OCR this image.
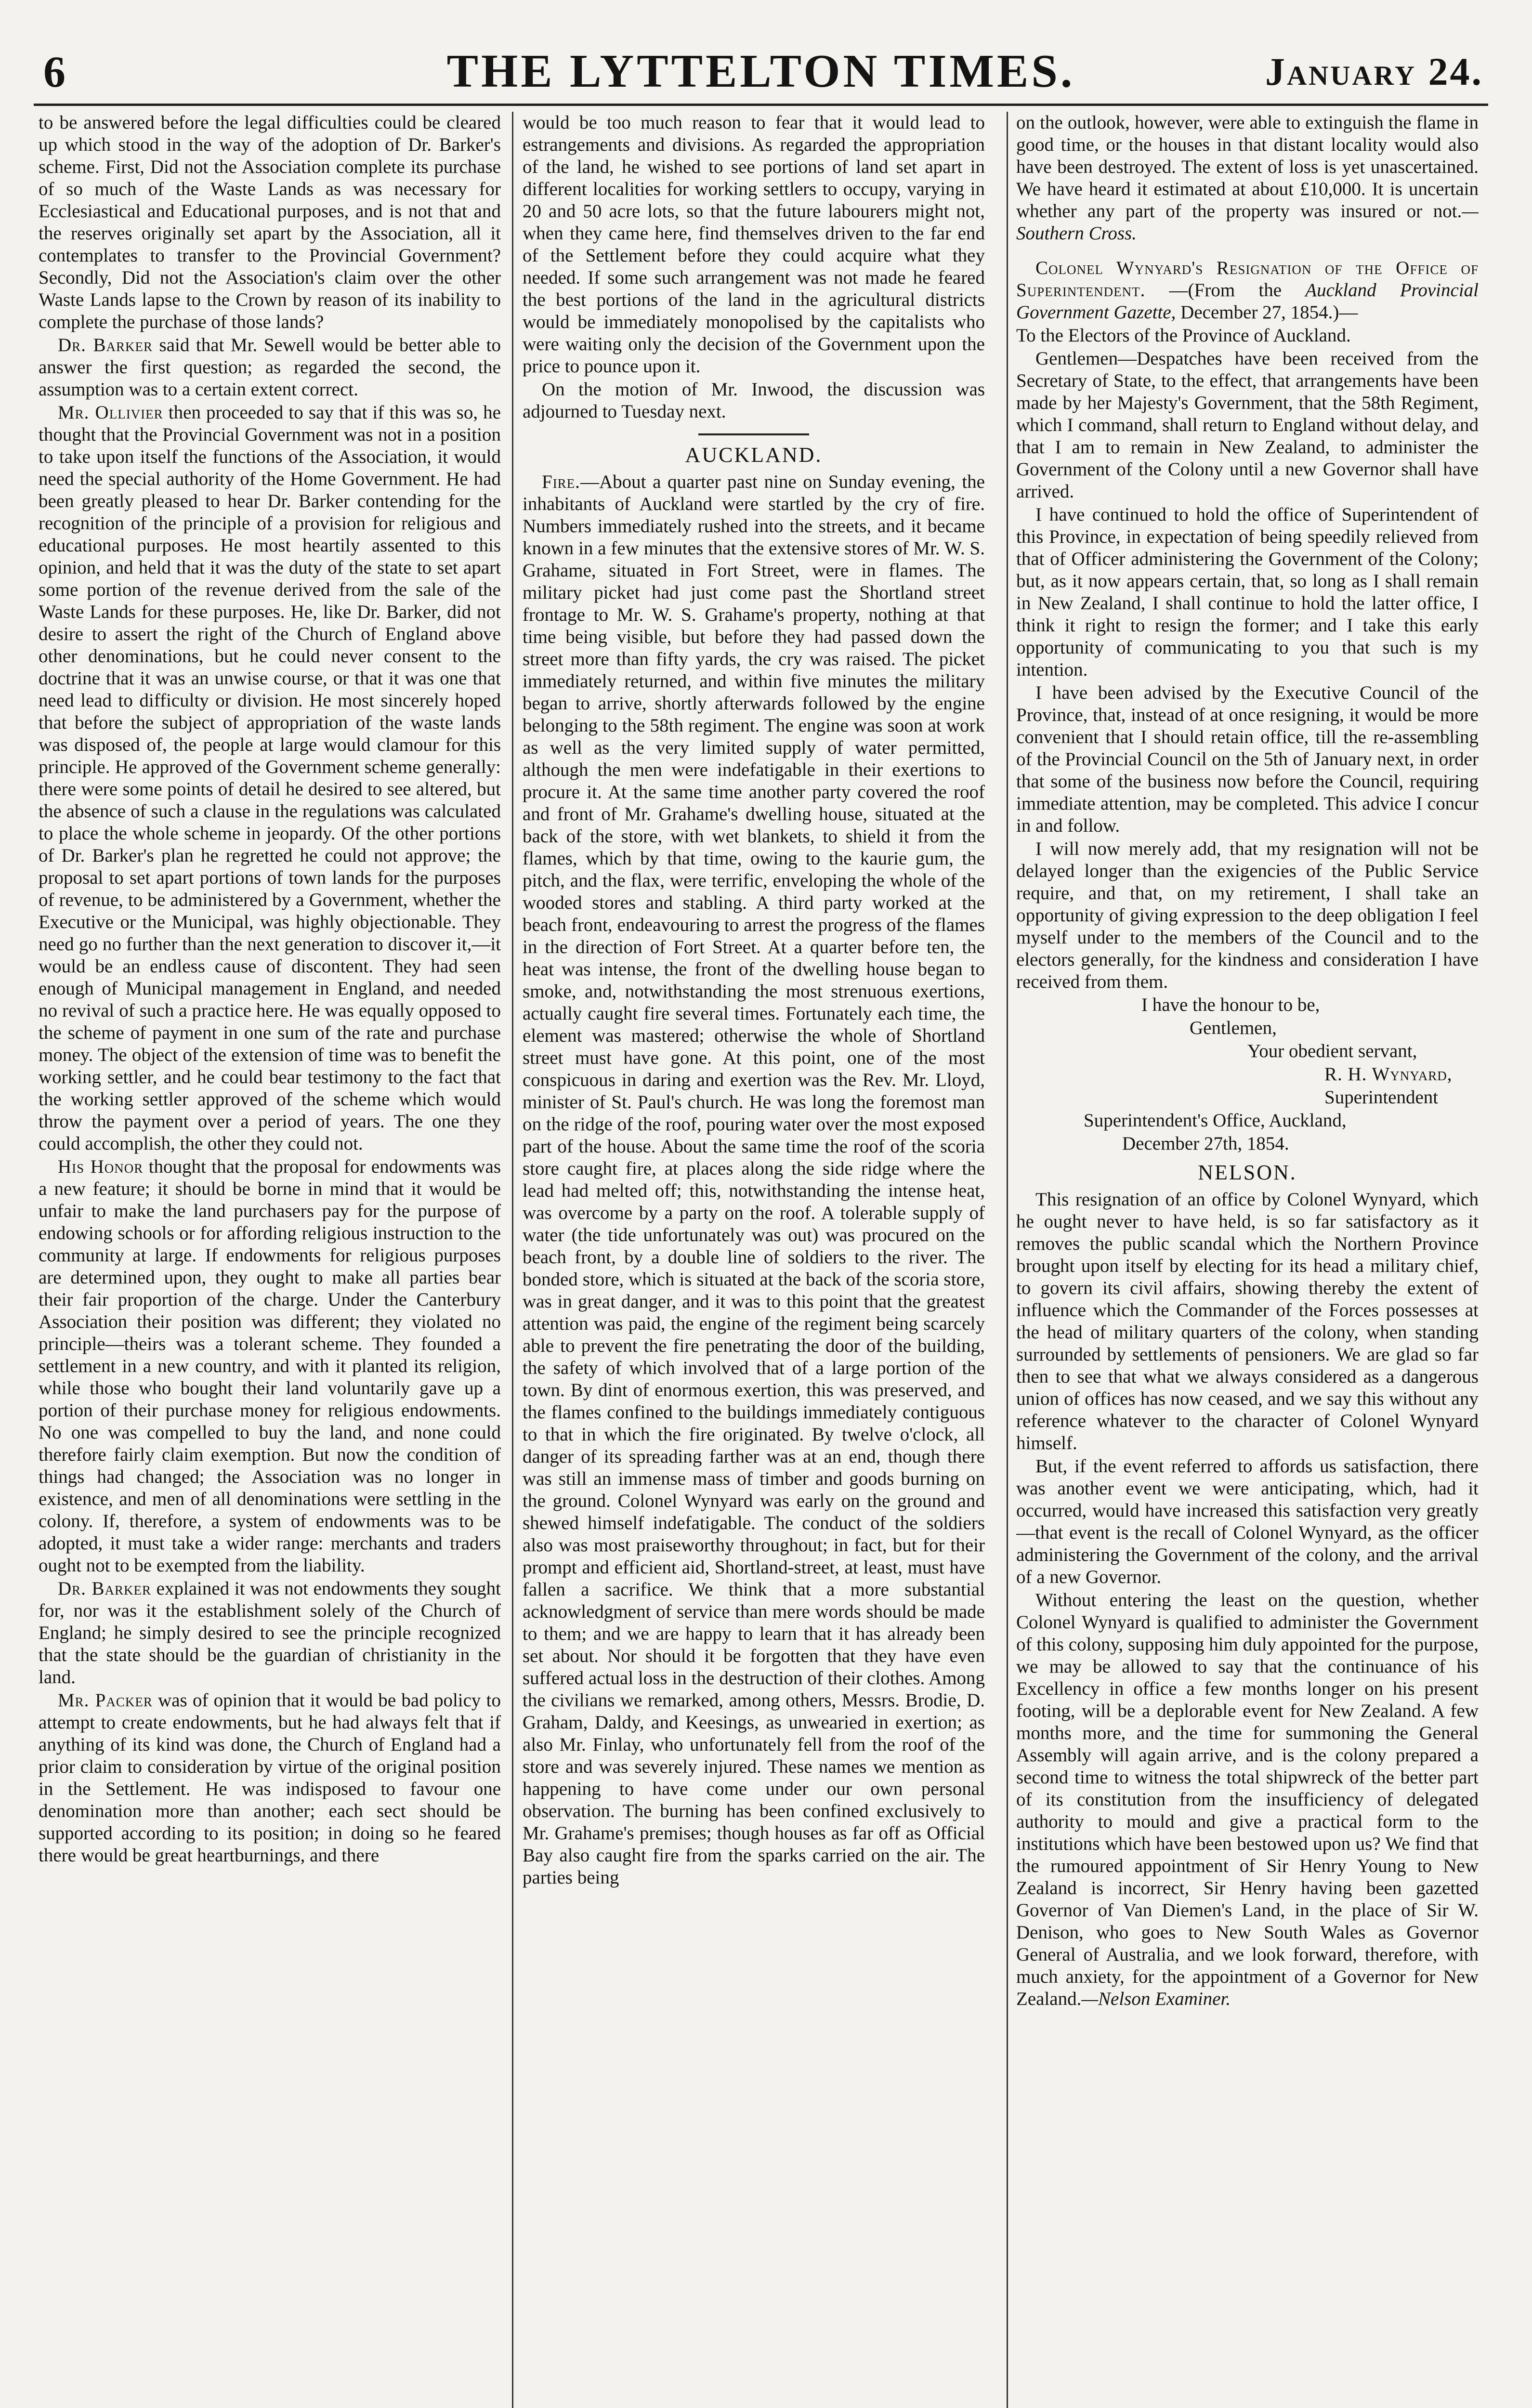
6	THE LYTTELTON TIMES.	January 24.

to be answered before the legal difficulties could be cleared up which stood in the way of the adoption of Dr. Barker's scheme. First, Did not the Association complete its purchase of so much of the Waste Lands as was necessary for Ecclesiastical and Educational purposes, and is not that and the reserves originally set apart by the Association, all it contemplates to transfer to the Provincial Government? Secondly, Did not the Association's claim over the other Waste Lands lapse to the Crown by reason of its inability to complete the purchase of those lands?

Dr. Barker said that Mr. Sewell would be better able to answer the first question; as regarded the second, the assumption was to a certain extent correct.

Mr. Ollivier then proceeded to say that if this was so, he thought that the Provincial Government was not in a position to take upon itself the functions of the Association, it would need the special authority of the Home Government. He had been greatly pleased to hear Dr. Barker contending for the recognition of the principle of a provision for religious and educational purposes. He most heartily assented to this opinion, and held that it was the duty of the state to set apart some portion of the revenue derived from the sale of the Waste Lands for these purposes. He, like Dr. Barker, did not desire to assert the right of the Church of England above other denominations, but he could never consent to the doctrine that it was an unwise course, or that it was one that need lead to difficulty or division. He most sincerely hoped that before the subject of appropriation of the waste lands was disposed of, the people at large would clamour for this principle. He approved of the Government scheme generally: there were some points of detail he desired to see altered, but the absence of such a clause in the regulations was calculated to place the whole scheme in jeopardy. Of the other portions of Dr. Barker's plan he regretted he could not approve; the proposal to set apart portions of town lands for the purposes of revenue, to be administered by a Government, whether the Executive or the Municipal, was highly objectionable. They need go no further than the next generation to discover it,—it would be an endless cause of discontent. They had seen enough of Municipal management in England, and needed no revival of such a practice here. He was equally opposed to the scheme of payment in one sum of the rate and purchase money. The object of the extension of time was to benefit the working settler, and he could bear testimony to the fact that the working settler approved of the scheme which would throw the payment over a period of years. The one they could accomplish, the other they could not.

His Honor thought that the proposal for endowments was a new feature; it should be borne in mind that it would be unfair to make the land purchasers pay for the purpose of endowing schools or for affording religious instruction to the community at large. If endowments for religious purposes are determined upon, they ought to make all parties bear their fair proportion of the charge. Under the Canterbury Association their position was different; they violated no principle—theirs was a tolerant scheme. They founded a settlement in a new country, and with it planted its religion, while those who bought their land voluntarily gave up a portion of their purchase money for religious endowments. No one was compelled to buy the land, and none could therefore fairly claim exemption. But now the condition of things had changed; the Association was no longer in existence, and men of all denominations were settling in the colony. If, therefore, a system of endowments was to be adopted, it must take a wider range: merchants and traders ought not to be exempted from the liability.

Dr. Barker explained it was not endowments they sought for, nor was it the establishment solely of the Church of England; he simply desired to see the principle recognized that the state should be the guardian of christianity in the land.

Mr. Packer was of opinion that it would be bad policy to attempt to create endowments, but he had always felt that if anything of its kind was done, the Church of England had a prior claim to consideration by virtue of the original position in the Settlement. He was indisposed to favour one denomination more than another; each sect should be supported according to its position; in doing so he feared there would be great heartburnings, and there

would be too much reason to fear that it would lead to estrangements and divisions. As regarded the appropriation of the land, he wished to see portions of land set apart in different localities for working settlers to occupy, varying in 20 and 50 acre lots, so that the future labourers might not, when they came here, find themselves driven to the far end of the Settlement before they could acquire what they needed. If some such arrangement was not made he feared the best portions of the land in the agricultural districts would be immediately monopolised by the capitalists who were waiting only the decision of the Government upon the price to pounce upon it.

On the motion of Mr. Inwood, the discussion was adjourned to Tuesday next.

AUCKLAND.

Fire.—About a quarter past nine on Sunday evening, the inhabitants of Auckland were startled by the cry of fire. Numbers immediately rushed into the streets, and it became known in a few minutes that the extensive stores of Mr. W. S. Grahame, situated in Fort Street, were in flames. The military picket had just come past the Shortland street frontage to Mr. W. S. Grahame's property, nothing at that time being visible, but before they had passed down the street more than fifty yards, the cry was raised. The picket immediately returned, and within five minutes the military began to arrive, shortly afterwards followed by the engine belonging to the 58th regiment. The engine was soon at work as well as the very limited supply of water permitted, although the men were indefatigable in their exertions to procure it. At the same time another party covered the roof and front of Mr. Grahame's dwelling house, situated at the back of the store, with wet blankets, to shield it from the flames, which by that time, owing to the kaurie gum, the pitch, and the flax, were terrific, enveloping the whole of the wooded stores and stabling. A third party worked at the beach front, endeavouring to arrest the progress of the flames in the direction of Fort Street. At a quarter before ten, the heat was intense, the front of the dwelling house began to smoke, and, notwithstanding the most strenuous exertions, actually caught fire several times. Fortunately each time, the element was mastered; otherwise the whole of Shortland street must have gone. At this point, one of the most conspicuous in daring and exertion was the Rev. Mr. Lloyd, minister of St. Paul's church. He was long the foremost man on the ridge of the roof, pouring water over the most exposed part of the house. About the same time the roof of the scoria store caught fire, at places along the side ridge where the lead had melted off; this, notwithstanding the intense heat, was overcome by a party on the roof. A tolerable supply of water (the tide unfortunately was out) was procured on the beach front, by a double line of soldiers to the river. The bonded store, which is situated at the back of the scoria store, was in great danger, and it was to this point that the greatest attention was paid, the engine of the regiment being scarcely able to prevent the fire penetrating the door of the building, the safety of which involved that of a large portion of the town. By dint of enormous exertion, this was preserved, and the flames confined to the buildings immediately contiguous to that in which the fire originated. By twelve o'clock, all danger of its spreading farther was at an end, though there was still an immense mass of timber and goods burning on the ground. Colonel Wynyard was early on the ground and shewed himself indefatigable. The conduct of the soldiers also was most praiseworthy throughout; in fact, but for their prompt and efficient aid, Shortland-street, at least, must have fallen a sacrifice. We think that a more substantial acknowledgment of service than mere words should be made to them; and we are happy to learn that it has already been set about. Nor should it be forgotten that they have even suffered actual loss in the destruction of their clothes. Among the civilians we remarked, among others, Messrs. Brodie, D. Graham, Daldy, and Keesings, as unwearied in exertion; as also Mr. Finlay, who unfortunately fell from the roof of the store and was severely injured. These names we mention as happening to have come under our own personal observation. The burning has been confined exclusively to Mr. Grahame's premises; though houses as far off as Official Bay also caught fire from the sparks carried on the air. The parties being

on the outlook, however, were able to extinguish the flame in good time, or the houses in that distant locality would also have been destroyed. The extent of loss is yet unascertained. We have heard it estimated at about £10,000. It is uncertain whether any part of the property was insured or not.—Southern Cross.

Colonel Wynyard's Resignation of the Office of Superintendent. —(From the Auckland Provincial Government Gazette, December 27, 1854.)—

To the Electors of the Province of Auckland.

Gentlemen—Despatches have been received from the Secretary of State, to the effect, that arrangements have been made by her Majesty's Government, that the 58th Regiment, which I command, shall return to England without delay, and that I am to remain in New Zealand, to administer the Government of the Colony until a new Governor shall have arrived.

I have continued to hold the office of Superintendent of this Province, in expectation of being speedily relieved from that of Officer administering the Government of the Colony; but, as it now appears certain, that, so long as I shall remain in New Zealand, I shall continue to hold the latter office, I think it right to resign the former; and I take this early opportunity of communicating to you that such is my intention.

I have been advised by the Executive Council of the Province, that, instead of at once resigning, it would be more convenient that I should retain office, till the re-assembling of the Provincial Council on the 5th of January next, in order that some of the business now before the Council, requiring immediate attention, may be completed. This advice I concur in and follow.

I will now merely add, that my resignation will not be delayed longer than the exigencies of the Public Service require, and that, on my retirement, I shall take an opportunity of giving expression to the deep obligation I feel myself under to the members of the Council and to the electors generally, for the kindness and consideration I have received from them.

I have the honour to be,

Gentlemen,

Your obedient servant,

R. H. Wynyard,

Superintendent

Superintendent's Office, Auckland,

December 27th, 1854.

NELSON.

This resignation of an office by Colonel Wynyard, which he ought never to have held, is so far satisfactory as it removes the public scandal which the Northern Province brought upon itself by electing for its head a military chief, to govern its civil affairs, showing thereby the extent of influence which the Commander of the Forces possesses at the head of military quarters of the colony, when standing surrounded by settlements of pensioners. We are glad so far then to see that what we always considered as a dangerous union of offices has now ceased, and we say this without any reference whatever to the character of Colonel Wynyard himself.

But, if the event referred to affords us satisfaction, there was another event we were anticipating, which, had it occurred, would have increased this satisfaction very greatly—that event is the recall of Colonel Wynyard, as the officer administering the Government of the colony, and the arrival of a new Governor.

Without entering the least on the question, whether Colonel Wynyard is qualified to administer the Government of this colony, supposing him duly appointed for the purpose, we may be allowed to say that the continuance of his Excellency in office a few months longer on his present footing, will be a deplorable event for New Zealand. A few months more, and the time for summoning the General Assembly will again arrive, and is the colony prepared a second time to witness the total shipwreck of the better part of its constitution from the insufficiency of delegated authority to mould and give a practical form to the institutions which have been bestowed upon us? We find that the rumoured appointment of Sir Henry Young to New Zealand is incorrect, Sir Henry having been gazetted Governor of Van Diemen's Land, in the place of Sir W. Denison, who goes to New South Wales as Governor General of Australia, and we look forward, therefore, with much anxiety, for the appointment of a Governor for New Zealand.—Nelson Examiner.
